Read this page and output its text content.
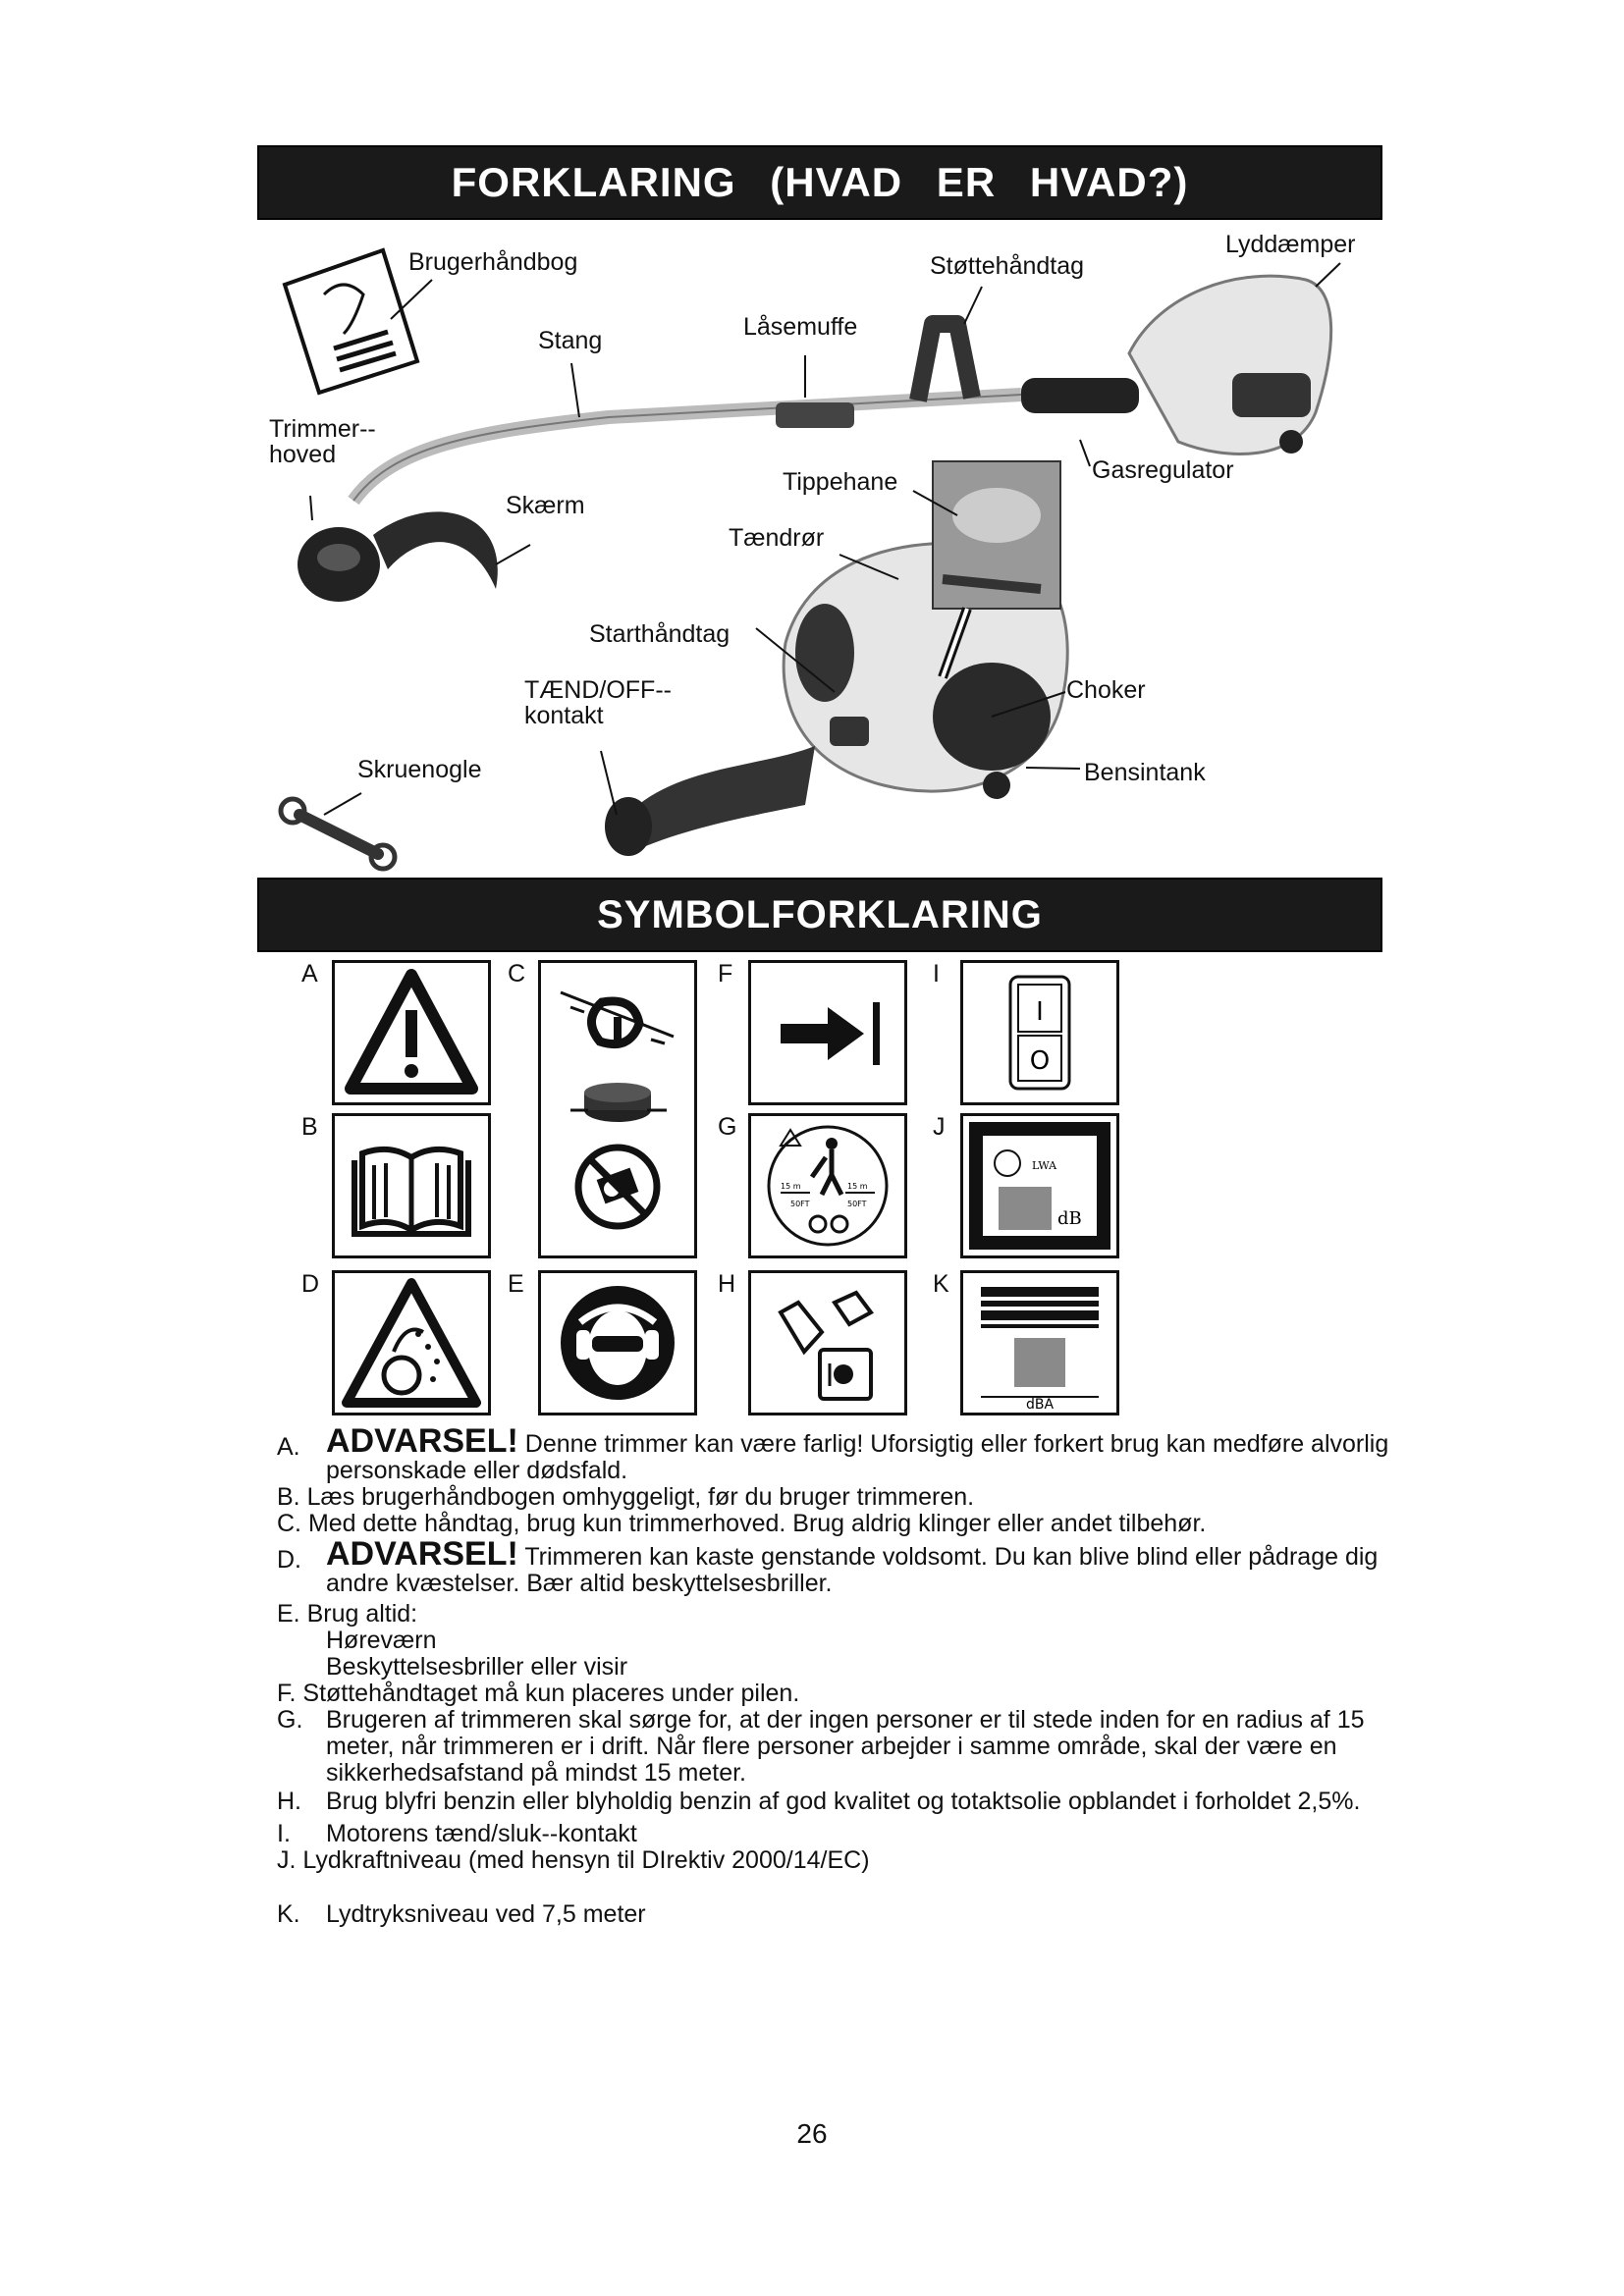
FORKLARING (HVAD ER HVAD?)
Brugerhåndbog
Stang	Låsemuffe
Støttehåndtag
Lyddæmper
Trimmer--
hoved
Skærm
Tippehane	Gasregulator
Tændrør
Starthåndtag
TÆND/OFF--
kontakt
Choker
Skruenogle	Bensintank
SYMBOLFORKLARING
A
B
C
D	E
F
G
H
I
J
K
15 m	15 m
50FT	50FT
I
O
LWA
dB
dBA
A. ADVARSEL! Denne trimmer kan være farlig! Uforsigtig eller forkert brug kan medføre alvorlig personskade eller dødsfald.
B. Læs brugerhåndbogen omhyggeligt, før du bruger trimmeren.
C. Med dette håndtag, brug kun trimmerhoved. Brug aldrig klinger eller andet tilbehør.
D. ADVARSEL! Trimmeren kan kaste genstande voldsomt. Du kan blive blind eller pådrage dig andre kvæstelser. Bær altid beskyttelsesbriller.
E. Brug altid:
Høreværn
Beskyttelsesbriller eller visir
F. Støttehåndtaget må kun placeres under pilen.
G. Brugeren af trimmeren skal sørge for, at der ingen personer er til stede inden for en radius af 15 meter, når trimmeren er i drift. Når flere personer arbejder i samme område, skal der være en sikkerhedsafstand på mindst 15 meter.
H. Brug blyfri benzin eller blyholdig benzin af god kvalitet og totaktsolie opblandet i forholdet 2,5%.
I. Motorens tænd/sluk--kontakt
J. Lydkraftniveau (med hensyn til DIrektiv 2000/14/EC)
K. Lydtryksniveau ved 7,5 meter
26
